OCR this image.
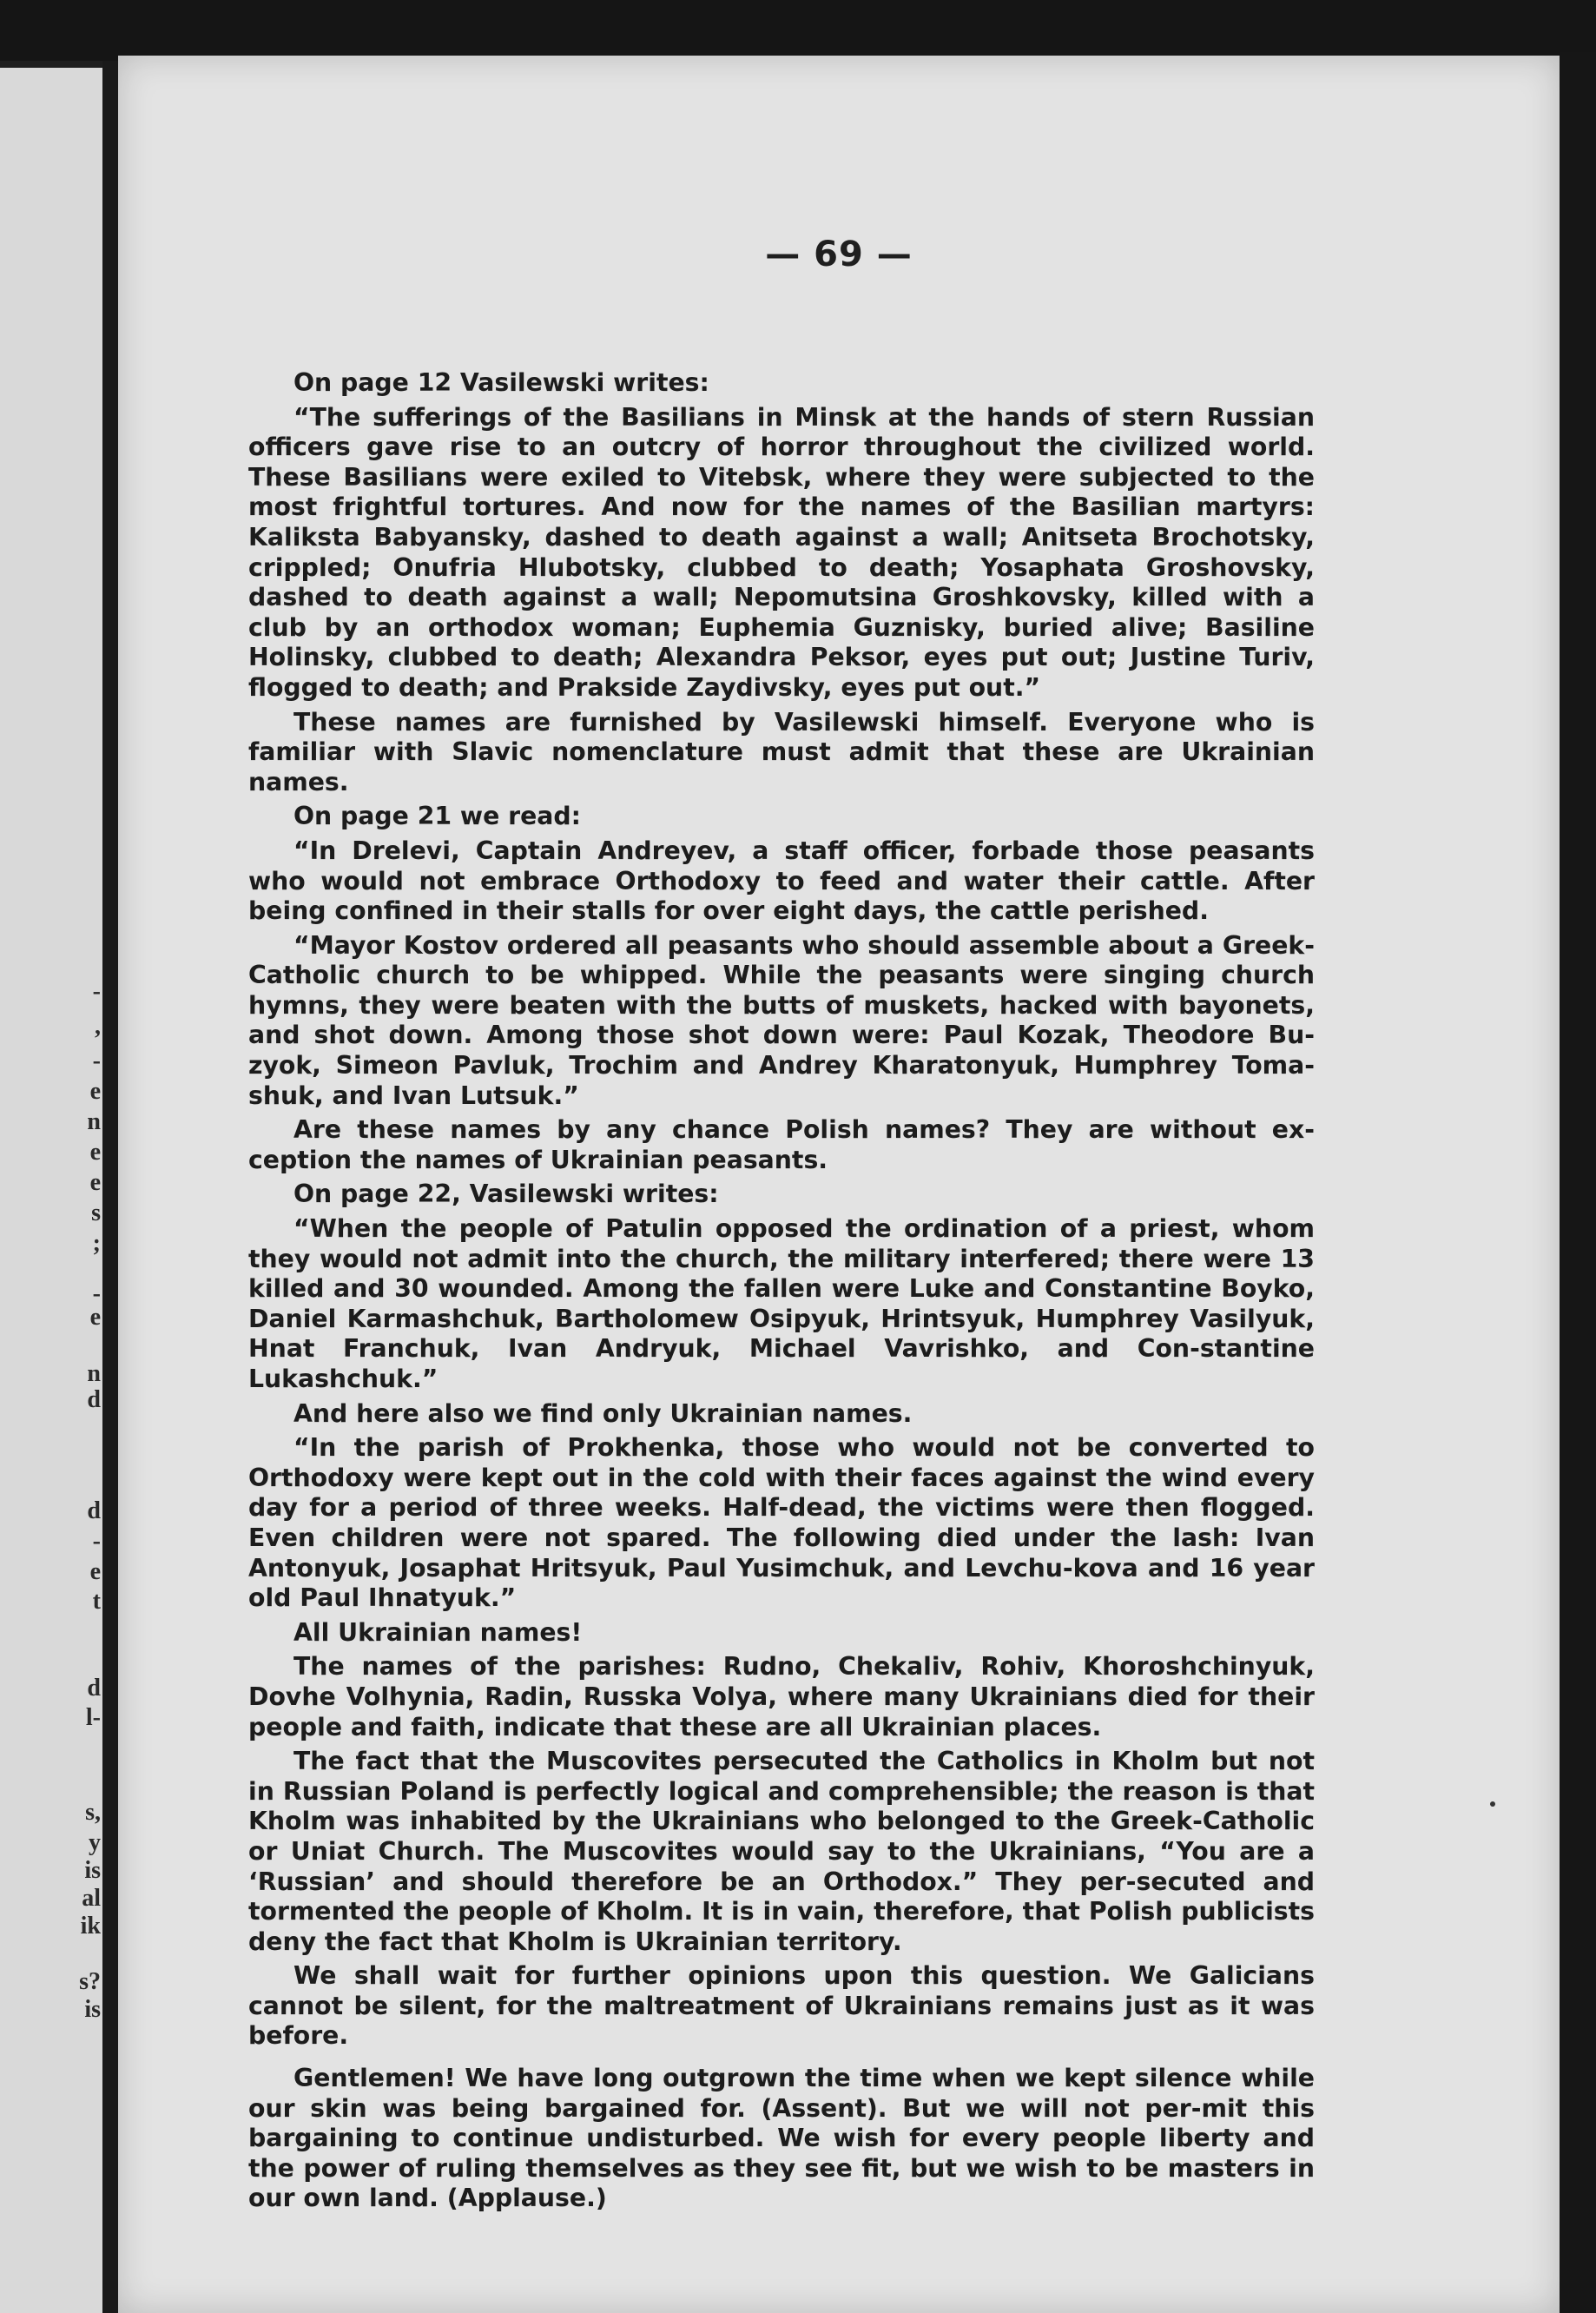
-
,
-
e
n
e
e
s
;
-
e
n
d
d
-
e
t
d
l-
s,
y
is
al
ik
s?
is
— 69 —

On page 12 Vasilewski writes:

“The sufferings of the Basilians in Minsk at the hands of stern Russian officers gave rise to an outcry of horror throughout the civilized world. These Basilians were exiled to Vitebsk, where they were subjected to the most frightful tortures. And now for the names of the Basilian martyrs: Kaliksta Babyansky, dashed to death against a wall; Anitseta Brochotsky, crippled; Onufria Hlubotsky, clubbed to death; Yosaphata Groshovsky, dashed to death against a wall; Nepomutsina Groshkovsky, killed with a club by an orthodox woman; Euphemia Guznisky, buried alive; Basiline Holinsky, clubbed to death; Alexandra Peksor, eyes put out; Justine Turiv, flogged to death; and Prakside Zaydivsky, eyes put out.”

These names are furnished by Vasilewski himself. Everyone who is familiar with Slavic nomenclature must admit that these are Ukrainian names.

On page 21 we read:

“In Drelevi, Captain Andreyev, a staff officer, forbade those peasants who would not embrace Orthodoxy to feed and water their cattle. After being confined in their stalls for over eight days, the cattle perished.

“Mayor Kostov ordered all peasants who should assemble about a Greek-Catholic church to be whipped. While the peasants were singing church hymns, they were beaten with the butts of muskets, hacked with bayonets, and shot down. Among those shot down were: Paul Kozak, Theodore Bu-zyok, Simeon Pavluk, Trochim and Andrey Kharatonyuk, Humphrey Toma-shuk, and Ivan Lutsuk.”

Are these names by any chance Polish names? They are without ex-ception the names of Ukrainian peasants.

On page 22, Vasilewski writes:

“When the people of Patulin opposed the ordination of a priest, whom they would not admit into the church, the military interfered; there were 13 killed and 30 wounded. Among the fallen were Luke and Constantine Boyko, Daniel Karmashchuk, Bartholomew Osipyuk, Hrintsyuk, Humphrey Vasilyuk, Hnat Franchuk, Ivan Andryuk, Michael Vavrishko, and Con-stantine Lukashchuk.”

And here also we find only Ukrainian names.

“In the parish of Prokhenka, those who would not be converted to Orthodoxy were kept out in the cold with their faces against the wind every day for a period of three weeks. Half-dead, the victims were then flogged. Even children were not spared. The following died under the lash: Ivan Antonyuk, Josaphat Hritsyuk, Paul Yusimchuk, and Levchu-kova and 16 year old Paul Ihnatyuk.”

All Ukrainian names!

The names of the parishes: Rudno, Chekaliv, Rohiv, Khoroshchinyuk, Dovhe Volhynia, Radin, Russka Volya, where many Ukrainians died for their people and faith, indicate that these are all Ukrainian places.

The fact that the Muscovites persecuted the Catholics in Kholm but not in Russian Poland is perfectly logical and comprehensible; the reason is that Kholm was inhabited by the Ukrainians who belonged to the Greek-Catholic or Uniat Church. The Muscovites would say to the Ukrainians, “You are a ‘Russian’ and should therefore be an Orthodox.” They per-secuted and tormented the people of Kholm. It is in vain, therefore, that Polish publicists deny the fact that Kholm is Ukrainian territory.

We shall wait for further opinions upon this question. We Galicians cannot be silent, for the maltreatment of Ukrainians remains just as it was before.

Gentlemen! We have long outgrown the time when we kept silence while our skin was being bargained for. (Assent). But we will not per-mit this bargaining to continue undisturbed. We wish for every people liberty and the power of ruling themselves as they see fit, but we wish to be masters in our own land. (Applause.)
